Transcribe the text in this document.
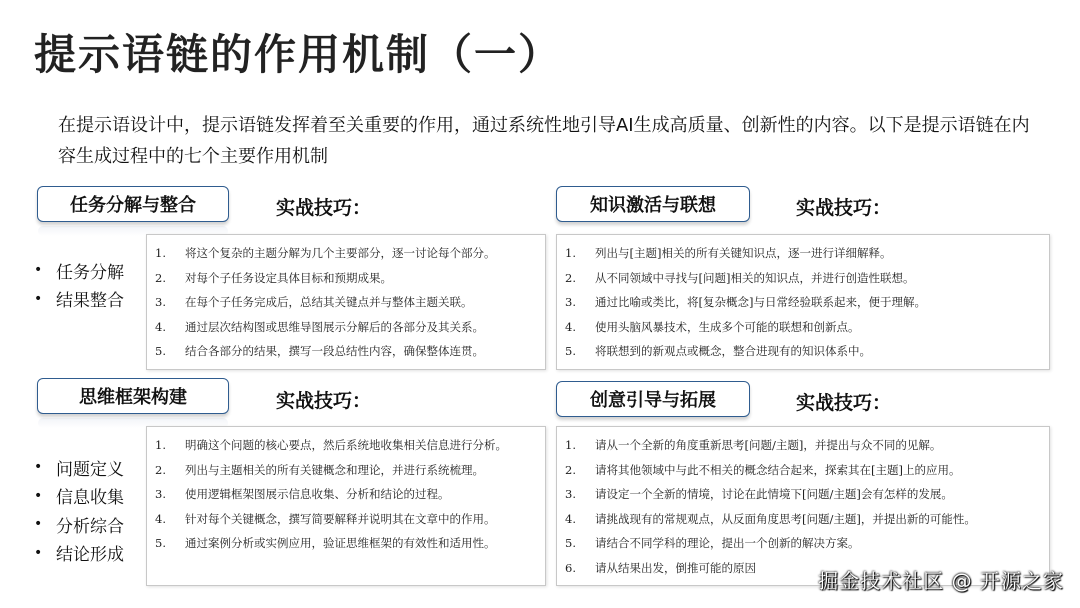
提示语链的作用机制（一）
在提示语设计中，提示语链发挥着至关重要的作用，通过系统性地引导AI生成高质量、创新性的内容。以下是提示语链在内容生成过程中的七个主要作用机制
任务分解与整合	实战技巧：
• 任务分解
• 结果整合
1.	将这个复杂的主题分解为几个主要部分，逐一讨论每个部分。
2.	对每个子任务设定具体目标和预期成果。
3.	在每个子任务完成后，总结其关键点并与整体主题关联。
4.	通过层次结构图或思维导图展示分解后的各部分及其关系。
5.	结合各部分的结果，撰写一段总结性内容，确保整体连贯。
知识激活与联想	实战技巧：
1.	列出与[主题]相关的所有关键知识点，逐一进行详细解释。
2.	从不同领域中寻找与[问题]相关的知识点，并进行创造性联想。
3.	通过比喻或类比，将[复杂概念]与日常经验联系起来，便于理解。
4.	使用头脑风暴技术，生成多个可能的联想和创新点。
5.	将联想到的新观点或概念，整合进现有的知识体系中。
思维框架构建	实战技巧：
• 问题定义
• 信息收集
• 分析综合
• 结论形成
1.	明确这个问题的核心要点，然后系统地收集相关信息进行分析。
2.	列出与主题相关的所有关键概念和理论，并进行系统梳理。
3.	使用逻辑框架图展示信息收集、分析和结论的过程。
4.	针对每个关键概念，撰写简要解释并说明其在文章中的作用。
5.	通过案例分析或实例应用，验证思维框架的有效性和适用性。
创意引导与拓展	实战技巧：
1.	请从一个全新的角度重新思考[问题/主题]，并提出与众不同的见解。
2.	请将其他领域中与此不相关的概念结合起来，探索其在[主题]上的应用。
3.	请设定一个全新的情境，讨论在此情境下[问题/主题]会有怎样的发展。
4.	请挑战现有的常规观点，从反面角度思考[问题/主题]，并提出新的可能性。
5.	请结合不同学科的理论，提出一个创新的解决方案。
6.	请从结果出发，倒推可能的原因
掘金技术社区 @ 开源之家
